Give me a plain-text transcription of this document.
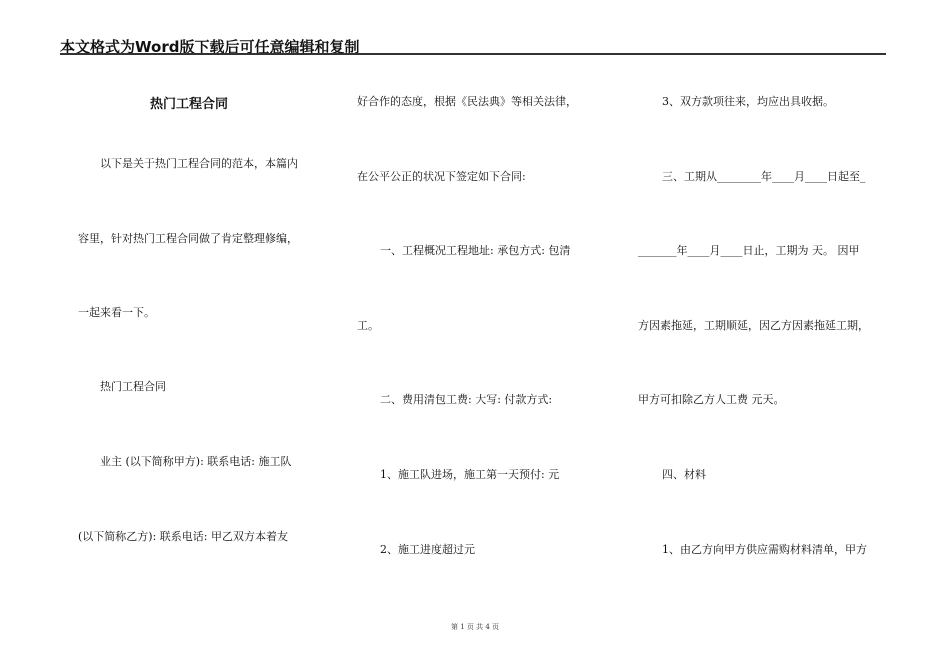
本文格式为Word版下载后可任意编辑和复制
热门工程合同
以下是关于热门工程合同的范本，本篇内
容里，针对热门工程合同做了肯定整理修编，
一起来看一下。
热门工程合同
业主 (以下简称甲方): 联系电话: 施工队
(以下简称乙方): 联系电话: 甲乙双方本着友
好合作的态度，根据《民法典》等相关法律，
在公平公正的状况下签定如下合同:
一、工程概况工程地址: 承包方式: 包清
工。
二、费用清包工费: 大写: 付款方式:
1、施工队进场，施工第一天预付: 元
2、施工进度超过元
3、双方款项往来，均应出具收据。
三、工期从________年____月____日起至_
_______年____月____日止，工期为 天。 因甲
方因素拖延，工期顺延，因乙方因素拖延工期，
甲方可扣除乙方人工费 元天。
四、材料
1、由乙方向甲方供应需购材料清单，甲方
第 1 页 共 4 页
